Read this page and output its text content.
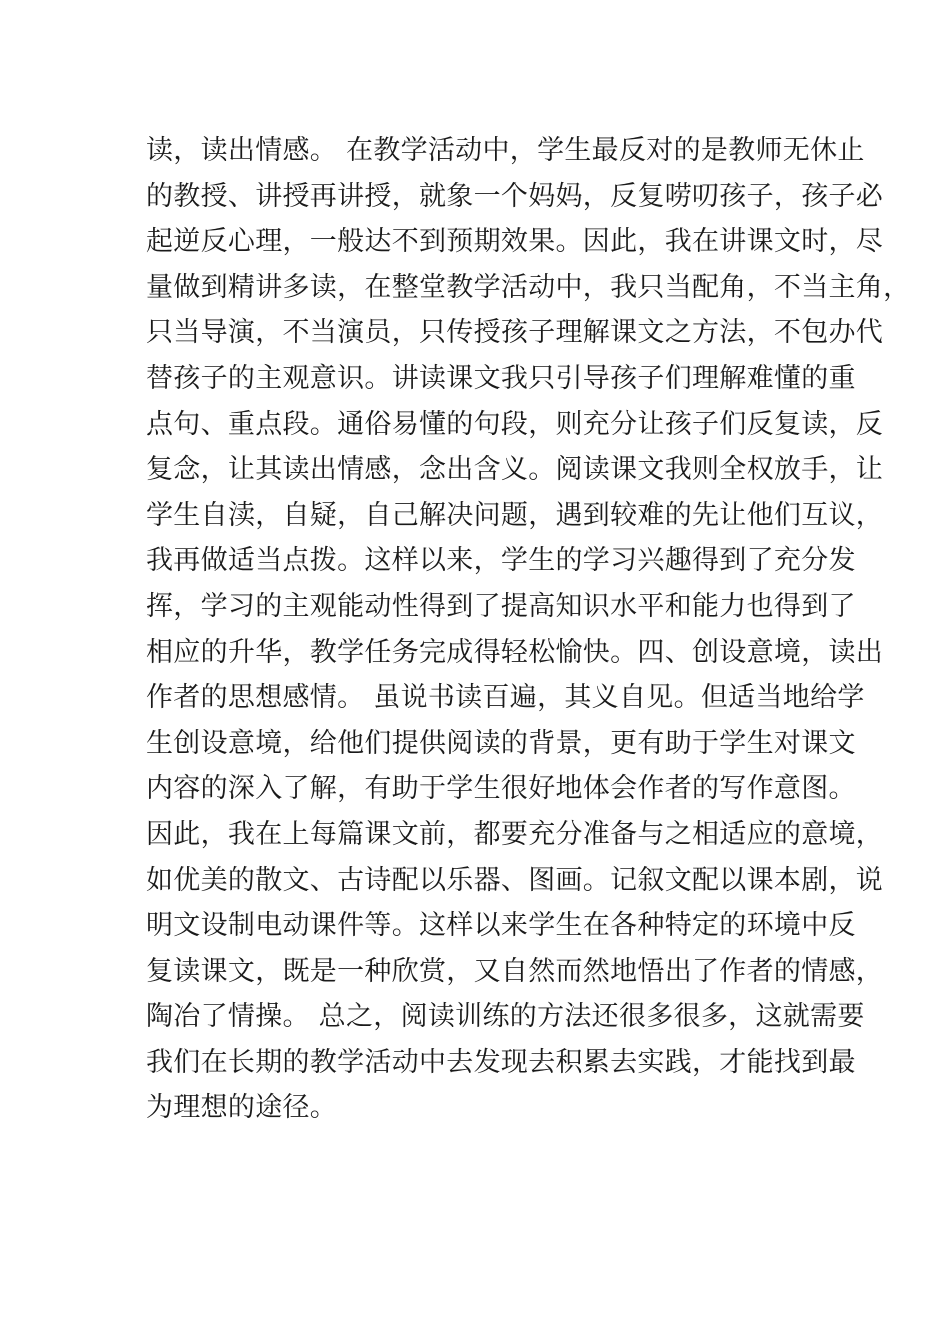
读，读出情感。 在教学活动中，学生最反对的是教师无休止
的教授、讲授再讲授，就象一个妈妈，反复唠叨孩子，孩子必
起逆反心理，一般达不到预期效果。因此，我在讲课文时，尽
量做到精讲多读，在整堂教学活动中，我只当配角，不当主角，
只当导演，不当演员，只传授孩子理解课文之方法，不包办代
替孩子的主观意识。讲读课文我只引导孩子们理解难懂的重
点句、重点段。通俗易懂的句段，则充分让孩子们反复读，反
复念，让其读出情感，念出含义。阅读课文我则全权放手，让
学生自渎，自疑，自己解决问题，遇到较难的先让他们互议，
我再做适当点拨。这样以来，学生的学习兴趣得到了充分发
挥，学习的主观能动性得到了提高知识水平和能力也得到了
相应的升华，教学任务完成得轻松愉快。四、创设意境，读出
作者的思想感情。 虽说书读百遍，其义自见。但适当地给学
生创设意境，给他们提供阅读的背景，更有助于学生对课文
内容的深入了解，有助于学生很好地体会作者的写作意图。
因此，我在上每篇课文前，都要充分准备与之相适应的意境，
如优美的散文、古诗配以乐器、图画。记叙文配以课本剧，说
明文设制电动课件等。这样以来学生在各种特定的环境中反
复读课文，既是一种欣赏，又自然而然地悟出了作者的情感，
陶冶了情操。 总之，阅读训练的方法还很多很多，这就需要
我们在长期的教学活动中去发现去积累去实践，才能找到最
为理想的途径。
